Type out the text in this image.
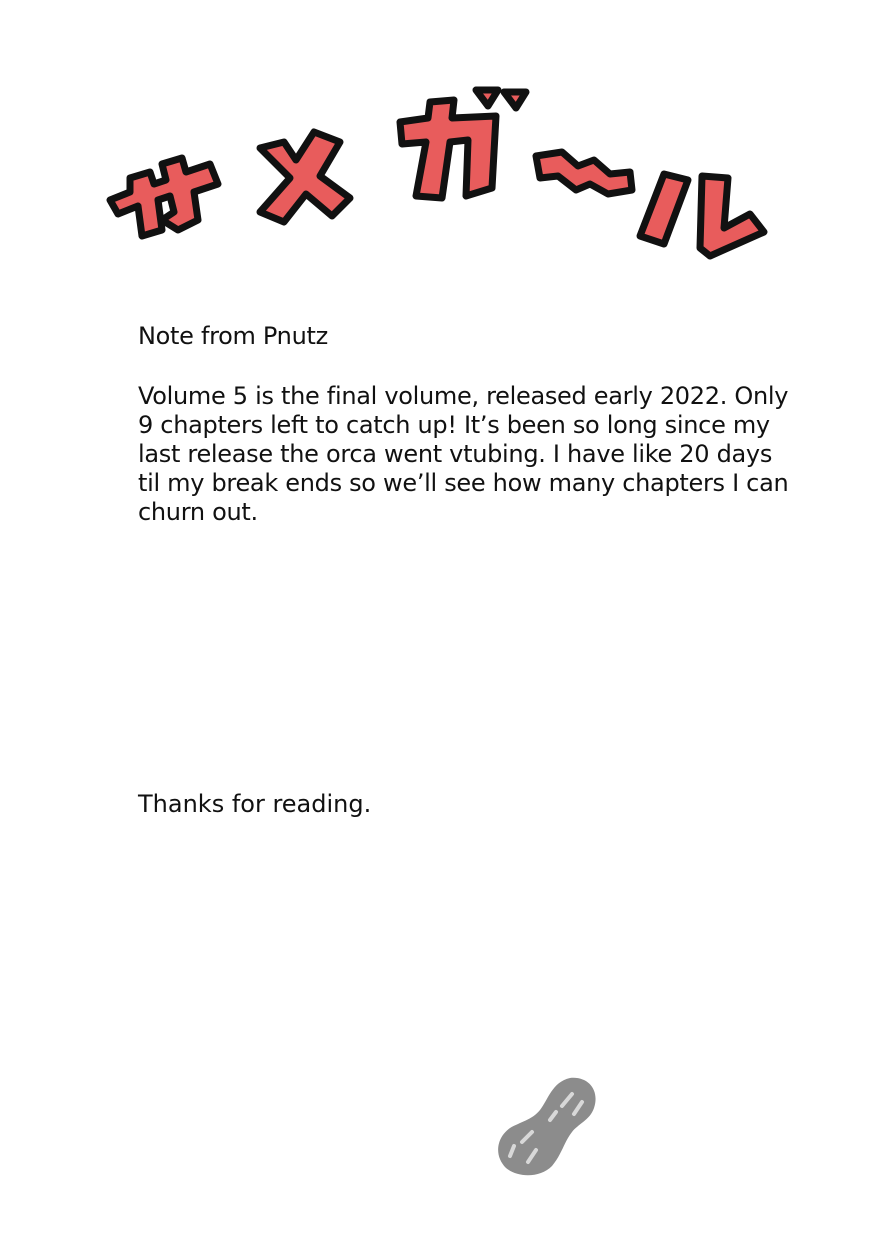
Note from Pnutz

Volume 5 is the final volume, released early 2022. Only
9 chapters left to catch up! It’s been so long since my
last release the orca went vtubing. I have like 20 days
til my break ends so we’ll see how many chapters I can
churn out.

Thanks for reading.
